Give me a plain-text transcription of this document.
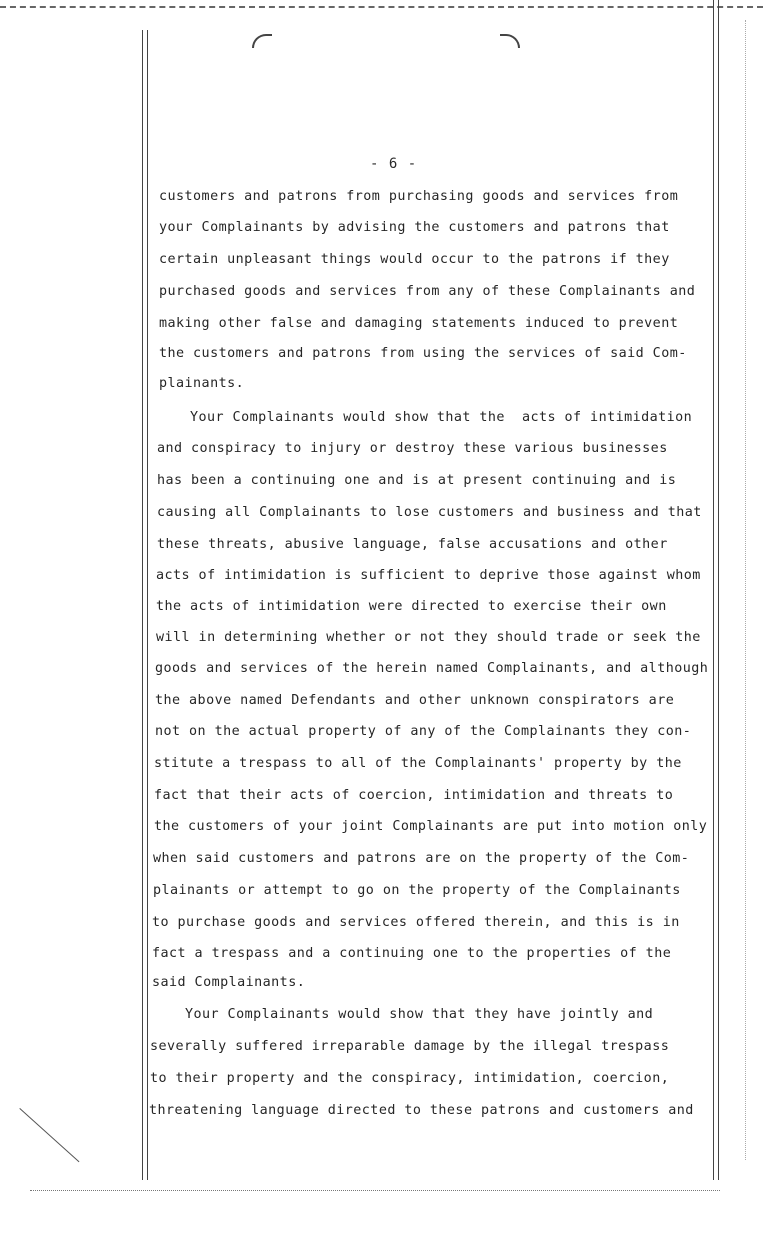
- 6 -
customers and patrons from purchasing goods and services from
your Complainants by advising the customers and patrons that
certain unpleasant things would occur to the patrons if they
purchased goods and services from any of these Complainants and
making other false and damaging statements induced to prevent
the customers and patrons from using the services of said Com-
plainants.
Your Complainants would show that the  acts of intimidation
and conspiracy to injury or destroy these various businesses
has been a continuing one and is at present continuing and is
causing all Complainants to lose customers and business and that
these threats, abusive language, false accusations and other
acts of intimidation is sufficient to deprive those against whom
the acts of intimidation were directed to exercise their own
will in determining whether or not they should trade or seek the
goods and services of the herein named Complainants, and although
the above named Defendants and other unknown conspirators are
not on the actual property of any of the Complainants they con-
stitute a trespass to all of the Complainants' property by the
fact that their acts of coercion, intimidation and threats to
the customers of your joint Complainants are put into motion only
when said customers and patrons are on the property of the Com-
plainants or attempt to go on the property of the Complainants
to purchase goods and services offered therein, and this is in
fact a trespass and a continuing one to the properties of the
said Complainants.
Your Complainants would show that they have jointly and
severally suffered irreparable damage by the illegal trespass
to their property and the conspiracy, intimidation, coercion,
threatening language directed to these patrons and customers and
